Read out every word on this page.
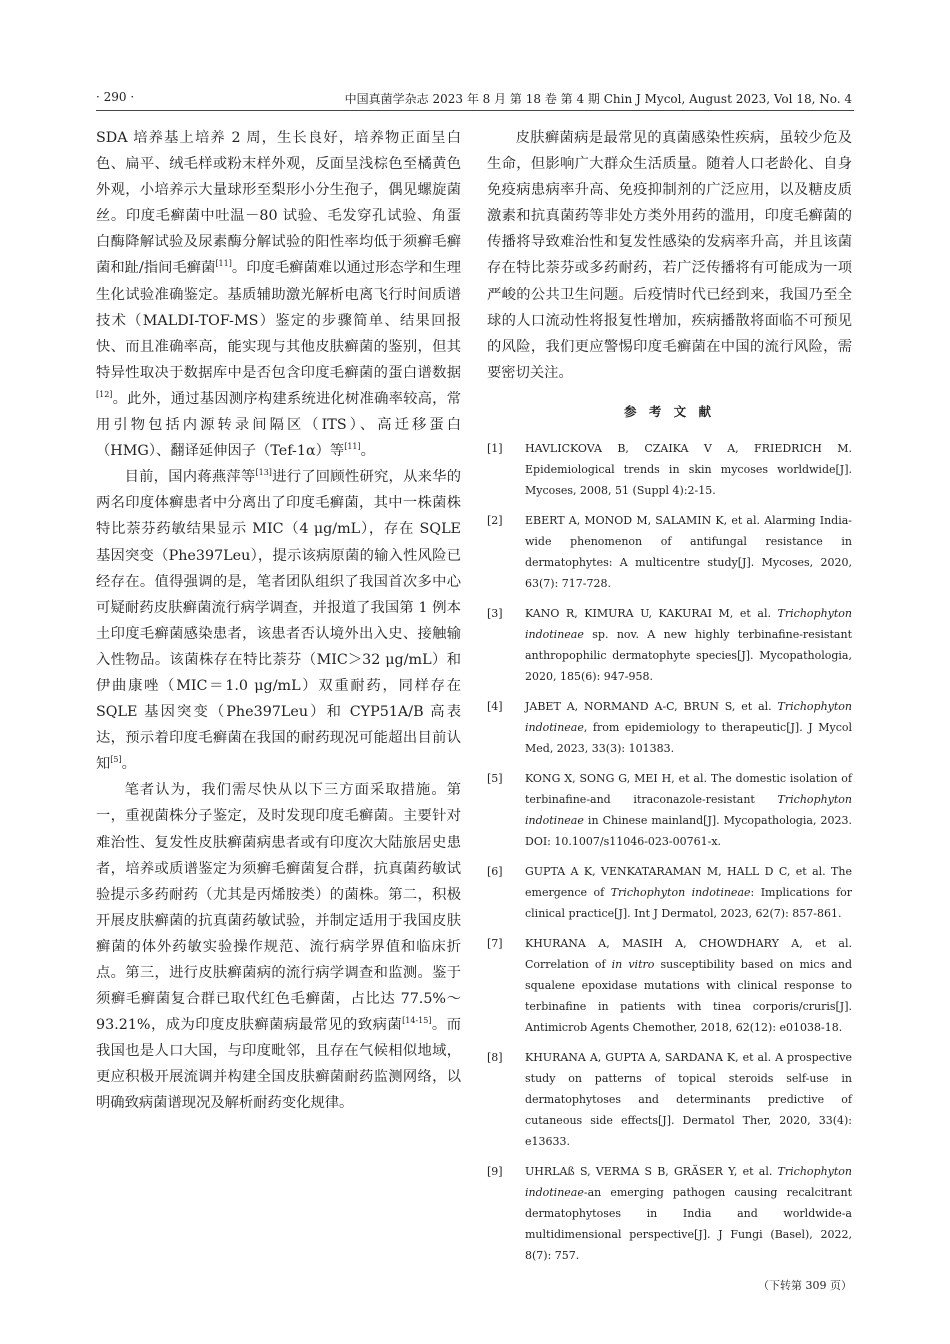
· 290 ·	中国真菌学杂志 2023 年 8 月 第 18 卷 第 4 期 Chin J Mycol, August 2023, Vol 18, No. 4

SDA 培养基上培养 2 周，生长良好，培养物正面呈白色、扁平、绒毛样或粉末样外观，反面呈浅棕色至橘黄色外观，小培养示大量球形至梨形小分生孢子，偶见螺旋菌丝。印度毛癣菌中吐温－80 试验、毛发穿孔试验、角蛋白酶降解试验及尿素酶分解试验的阳性率均低于须癣毛癣菌和趾/指间毛癣菌[11]。印度毛癣菌难以通过形态学和生理生化试验准确鉴定。基质辅助激光解析电离飞行时间质谱技术（MALDI-TOF-MS）鉴定的步骤简单、结果回报快、而且准确率高，能实现与其他皮肤癣菌的鉴别，但其特异性取决于数据库中是否包含印度毛癣菌的蛋白谱数据[12]。此外，通过基因测序构建系统进化树准确率较高，常用引物包括内源转录间隔区（ITS）、高迁移蛋白（HMG）、翻译延伸因子（Tef-1α）等[11]。

目前，国内蒋燕萍等[13]进行了回顾性研究，从来华的两名印度体癣患者中分离出了印度毛癣菌，其中一株菌株特比萘芬药敏结果显示 MIC（4 μg/mL），存在 SQLE 基因突变（Phe397Leu），提示该病原菌的输入性风险已经存在。值得强调的是，笔者团队组织了我国首次多中心可疑耐药皮肤癣菌流行病学调查，并报道了我国第 1 例本土印度毛癣菌感染患者，该患者否认境外出入史、接触输入性物品。该菌株存在特比萘芬（MIC＞32 μg/mL）和伊曲康唑（MIC＝1.0 μg/mL）双重耐药，同样存在 SQLE 基因突变（Phe397Leu）和 CYP51A/B 高表达，预示着印度毛癣菌在我国的耐药现况可能超出目前认知[5]。

笔者认为，我们需尽快从以下三方面采取措施。第一，重视菌株分子鉴定，及时发现印度毛癣菌。主要针对难治性、复发性皮肤癣菌病患者或有印度次大陆旅居史患者，培养或质谱鉴定为须癣毛癣菌复合群，抗真菌药敏试验提示多药耐药（尤其是丙烯胺类）的菌株。第二，积极开展皮肤癣菌的抗真菌药敏试验，并制定适用于我国皮肤癣菌的体外药敏实验操作规范、流行病学界值和临床折点。第三，进行皮肤癣菌病的流行病学调查和监测。鉴于须癣毛癣菌复合群已取代红色毛癣菌，占比达 77.5%～93.21%，成为印度皮肤癣菌病最常见的致病菌[14-15]。而我国也是人口大国，与印度毗邻，且存在气候相似地域，更应积极开展流调并构建全国皮肤癣菌耐药监测网络，以明确致病菌谱现况及解析耐药变化规律。

皮肤癣菌病是最常见的真菌感染性疾病，虽较少危及生命，但影响广大群众生活质量。随着人口老龄化、自身免疫病患病率升高、免疫抑制剂的广泛应用，以及糖皮质激素和抗真菌药等非处方类外用药的滥用，印度毛癣菌的传播将导致难治性和复发性感染的发病率升高，并且该菌存在特比萘芬或多药耐药，若广泛传播将有可能成为一项严峻的公共卫生问题。后疫情时代已经到来，我国乃至全球的人口流动性将报复性增加，疾病播散将面临不可预见的风险，我们更应警惕印度毛癣菌在中国的流行风险，需要密切关注。

参 考 文 献
[1] HAVLICKOVA B, CZAIKA V A, FRIEDRICH M. Epidemiological trends in skin mycoses worldwide[J]. Mycoses, 2008, 51 (Suppl 4):2-15.
[2] EBERT A, MONOD M, SALAMIN K, et al. Alarming India-wide phenomenon of antifungal resistance in dermatophytes: A multicentre study[J]. Mycoses, 2020, 63(7): 717-728.
[3] KANO R, KIMURA U, KAKURAI M, et al. Trichophyton indotineae sp. nov. A new highly terbinafine-resistant anthropophilic dermatophyte species[J]. Mycopathologia, 2020, 185(6): 947-958.
[4] JABET A, NORMAND A-C, BRUN S, et al. Trichophyton indotineae, from epidemiology to therapeutic[J]. J Mycol Med, 2023, 33(3): 101383.
[5] KONG X, SONG G, MEI H, et al. The domestic isolation of terbinafine-and itraconazole-resistant Trichophyton indotineae in Chinese mainland[J]. Mycopathologia, 2023. DOI: 10.1007/s11046-023-00761-x.
[6] GUPTA A K, VENKATARAMAN M, HALL D C, et al. The emergence of Trichophyton indotineae: Implications for clinical practice[J]. Int J Dermatol, 2023, 62(7): 857-861.
[7] KHURANA A, MASIH A, CHOWDHARY A, et al. Correlation of in vitro susceptibility based on mics and squalene epoxidase mutations with clinical response to terbinafine in patients with tinea corporis/cruris[J]. Antimicrob Agents Chemother, 2018, 62(12): e01038-18.
[8] KHURANA A, GUPTA A, SARDANA K, et al. A prospective study on patterns of topical steroids self-use in dermatophytoses and determinants predictive of cutaneous side effects[J]. Dermatol Ther, 2020, 33(4): e13633.
[9] UHRLAß S, VERMA S B, GRÄSER Y, et al. Trichophyton indotineae-an emerging pathogen causing recalcitrant dermatophytoses in India and worldwide-a multidimensional perspective[J]. J Fungi (Basel), 2022, 8(7): 757.
（下转第 309 页）
